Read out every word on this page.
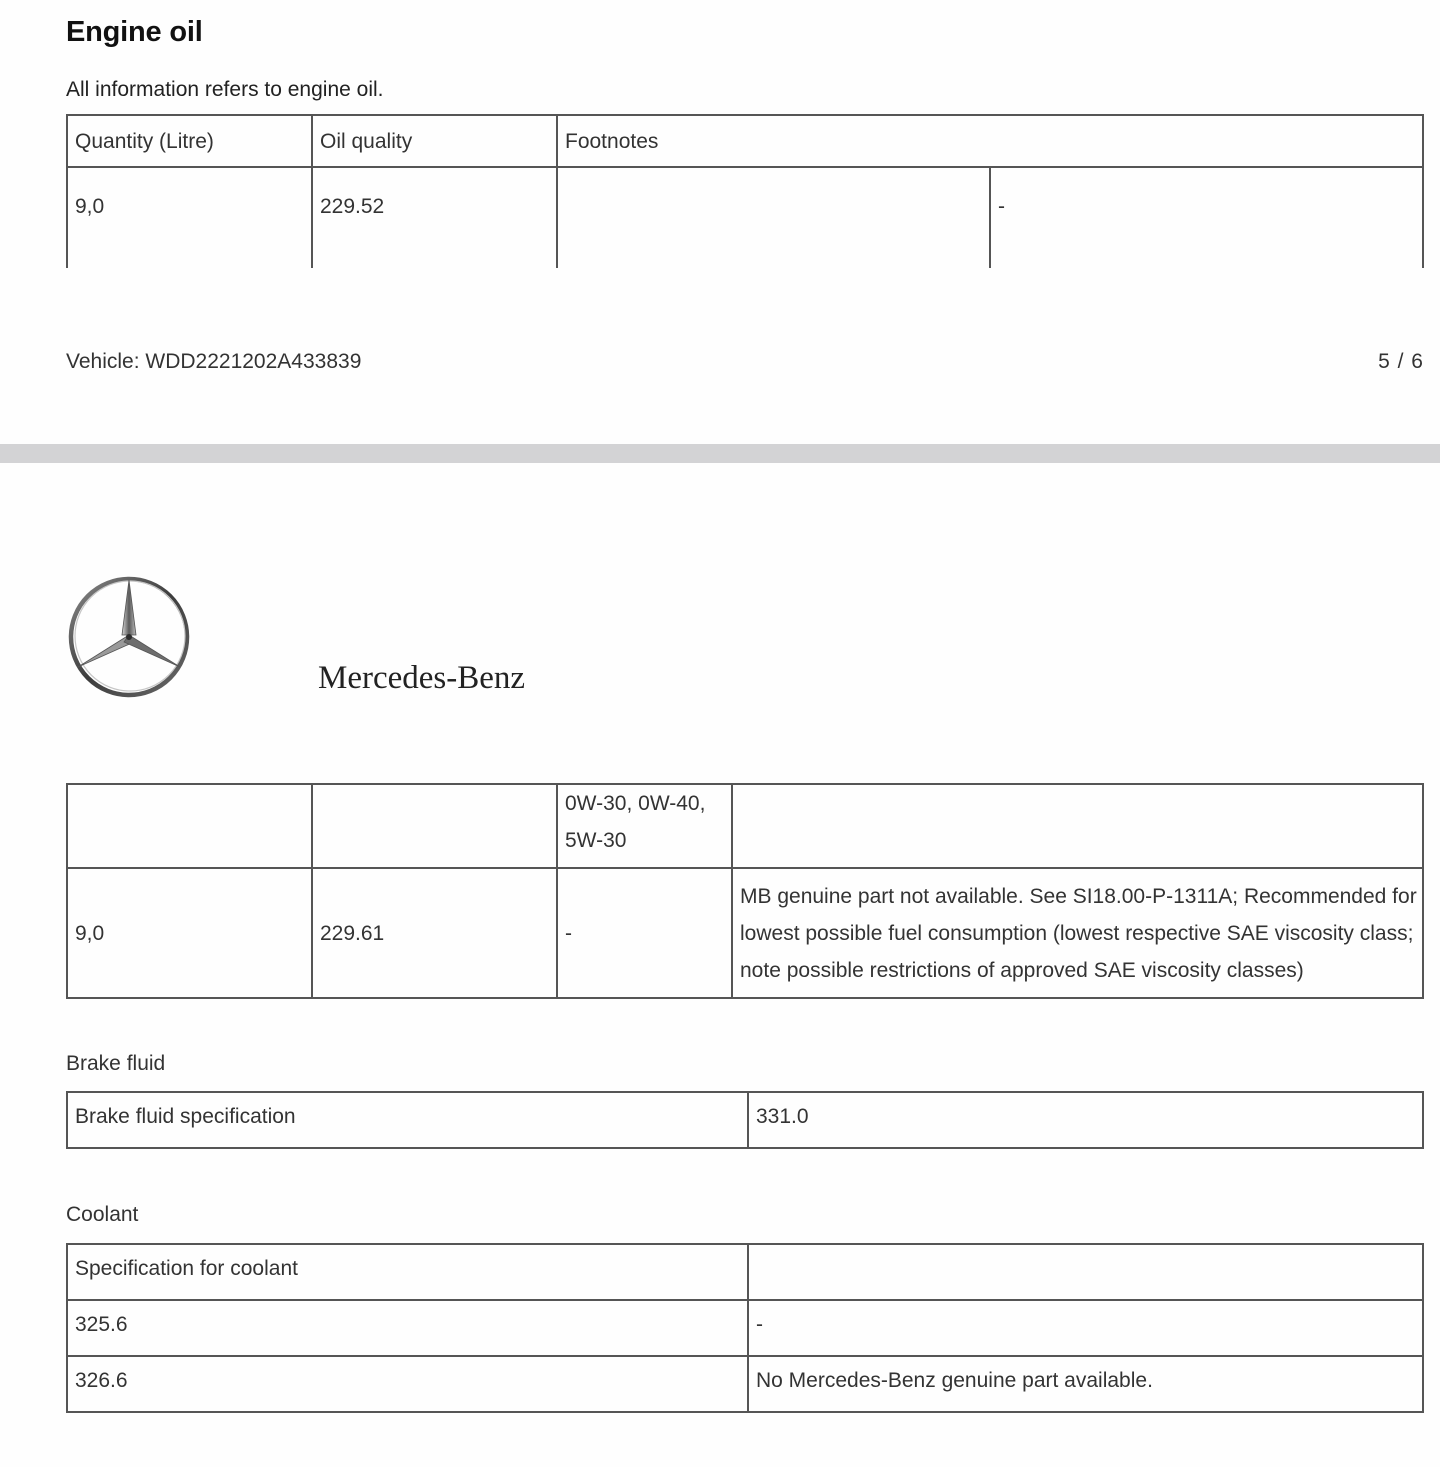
Engine oil
All information refers to engine oil.
Quantity (Litre)	Oil quality	Footnotes	
9,0	229.52		-
Vehicle: WDD2221202A433839	5 / 6
Mercedes-Benz
		0W-30, 0W-40, 5W-30	
9,0	229.61	-	MB genuine part not available. See SI18.00-P-1311A; Recommended for lowest possible fuel consumption (lowest respective SAE viscosity class; note possible restrictions of approved SAE viscosity classes)
Brake fluid
Brake fluid specification	331.0
Coolant
Specification for coolant	
325.6	-
326.6	No Mercedes-Benz genuine part available.
